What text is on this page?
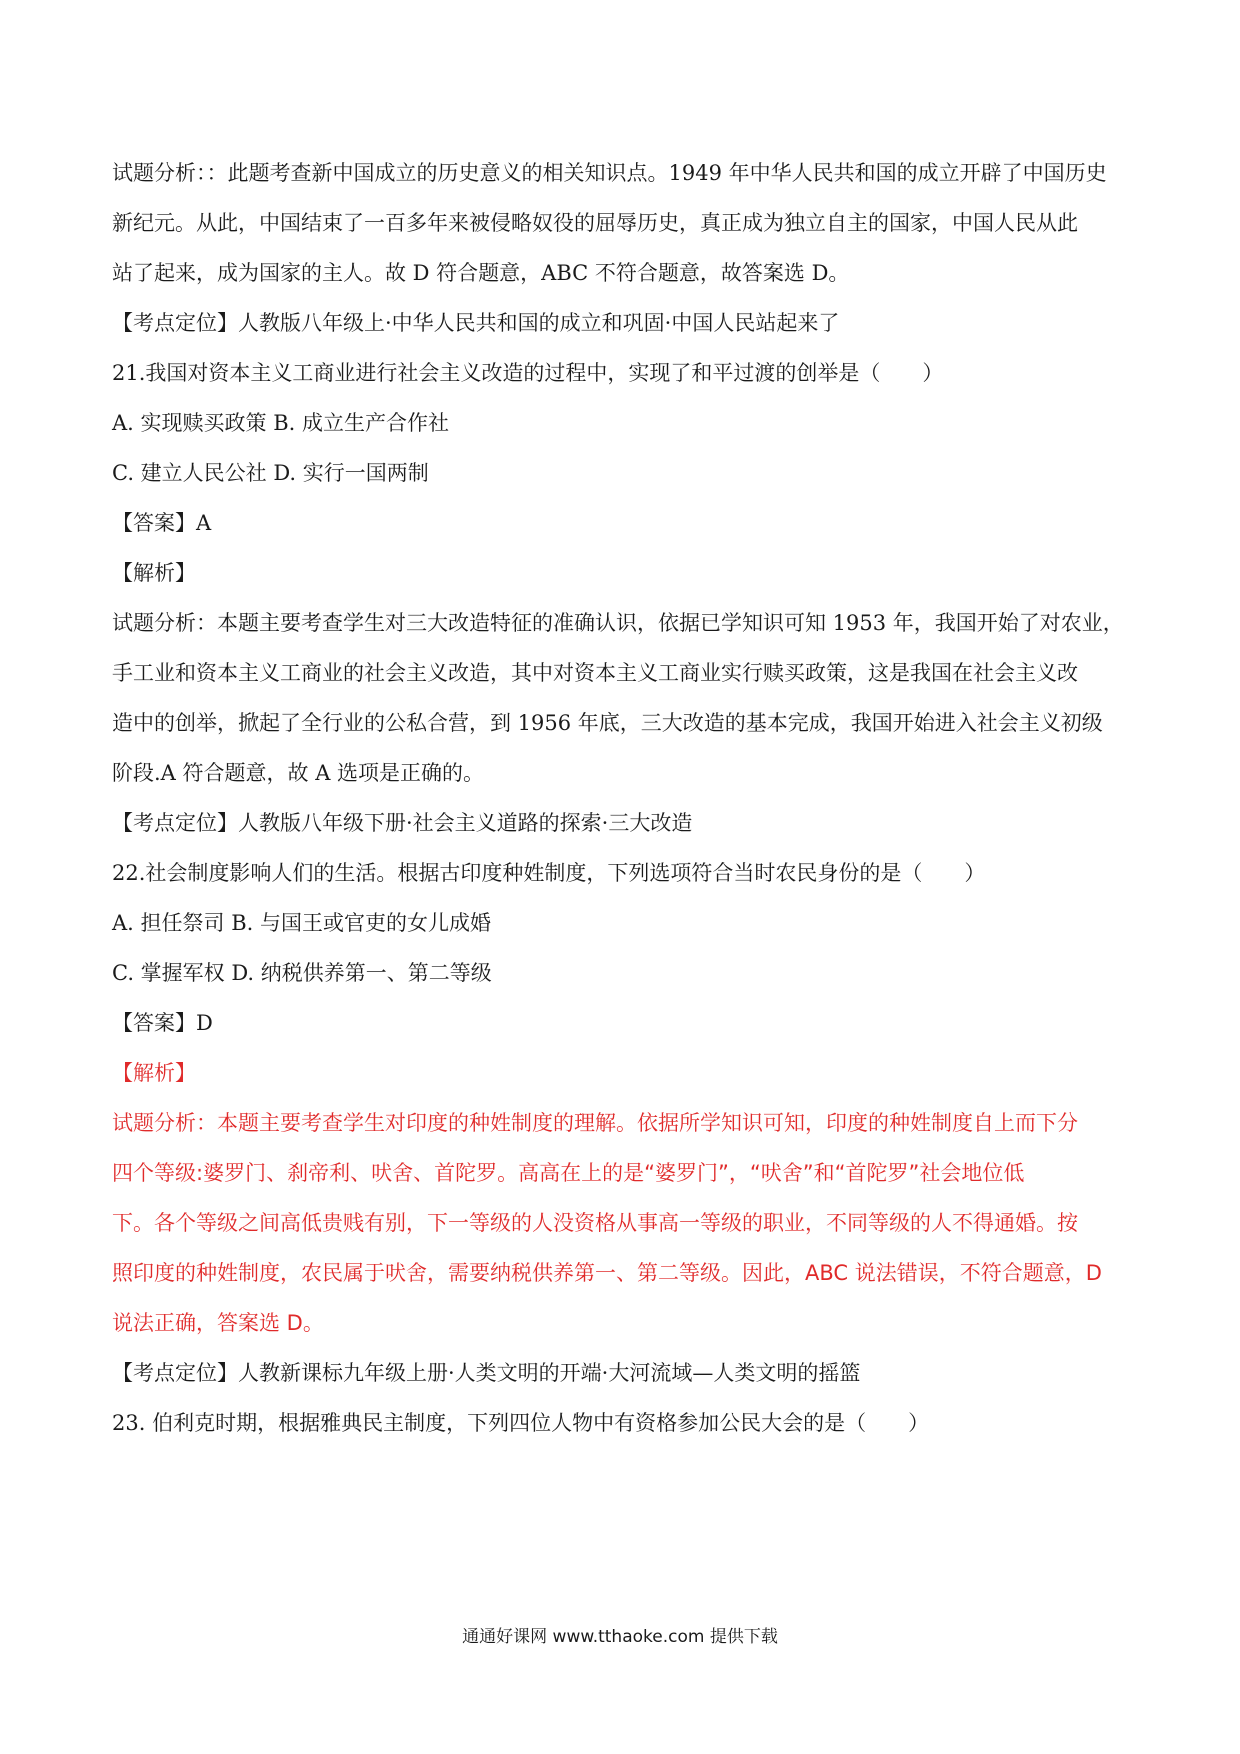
试题分析：：此题考查新中国成立的历史意义的相关知识点。1949 年中华人民共和国的成立开辟了中国历史

新纪元。从此，中国结束了一百多年来被侵略奴役的屈辱历史，真正成为独立自主的国家，中国人民从此

站了起来，成为国家的主人。故 D 符合题意，ABC 不符合题意，故答案选 D。

【考点定位】人教版八年级上·中华人民共和国的成立和巩固·中国人民站起来了

21.我国对资本主义工商业进行社会主义改造的过程中，实现了和平过渡的创举是（　　）

A. 实现赎买政策 B. 成立生产合作社

C. 建立人民公社 D. 实行一国两制

【答案】A

【解析】

试题分析：本题主要考查学生对三大改造特征的准确认识，依据已学知识可知 1953 年，我国开始了对农业，

手工业和资本主义工商业的社会主义改造，其中对资本主义工商业实行赎买政策，这是我国在社会主义改

造中的创举，掀起了全行业的公私合营，到 1956 年底，三大改造的基本完成，我国开始进入社会主义初级

阶段.A 符合题意，故 A 选项是正确的。

【考点定位】人教版八年级下册·社会主义道路的探索·三大改造

22.社会制度影响人们的生活。根据古印度种姓制度，下列选项符合当时农民身份的是（　　）

A. 担任祭司 B. 与国王或官吏的女儿成婚

C. 掌握军权 D. 纳税供养第一、第二等级

【答案】D

【解析】

试题分析：本题主要考查学生对印度的种姓制度的理解。依据所学知识可知，印度的种姓制度自上而下分

四个等级:婆罗门、刹帝利、吠舍、首陀罗。高高在上的是“婆罗门”，“吠舍”和“首陀罗”社会地位低

下。各个等级之间高低贵贱有别，下一等级的人没资格从事高一等级的职业，不同等级的人不得通婚。按

照印度的种姓制度，农民属于吠舍，需要纳税供养第一、第二等级。因此，ABC 说法错误，不符合题意，D

说法正确，答案选 D。

【考点定位】人教新课标九年级上册·人类文明的开端·大河流域—人类文明的摇篮

23. 伯利克时期，根据雅典民主制度，下列四位人物中有资格参加公民大会的是（　　）

通通好课网 www.tthaoke.com 提供下载
